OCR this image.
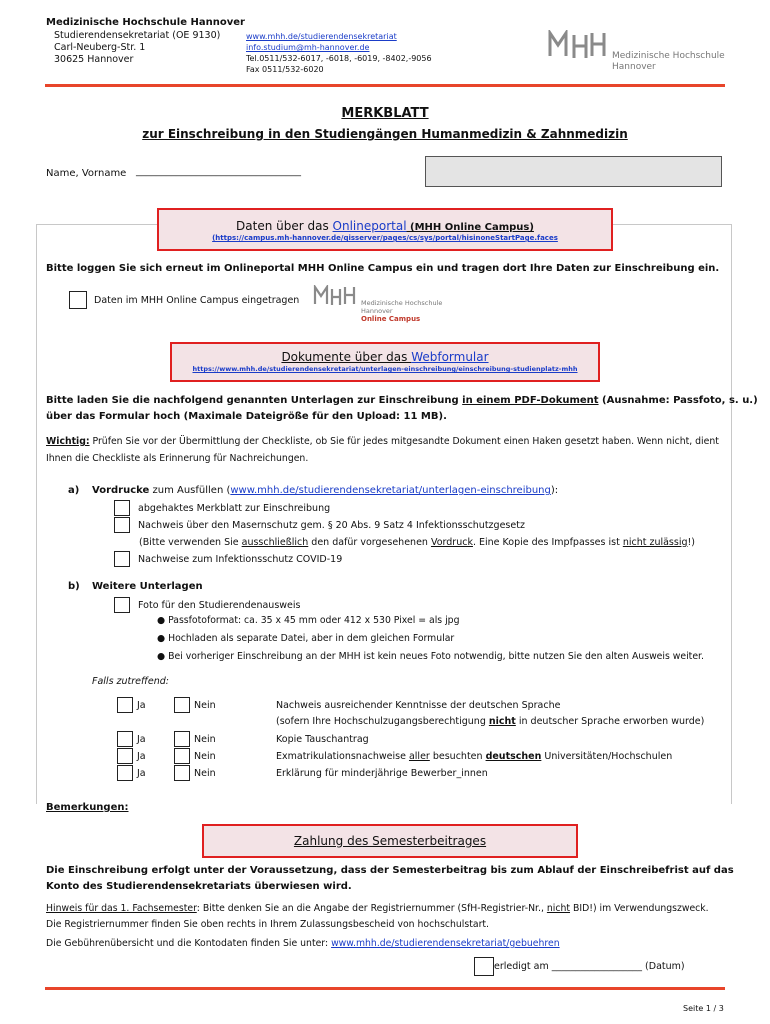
Medizinische Hochschule Hannover
Studierendensekretariat (OE 9130)
Carl-Neuberg-Str. 1
30625 Hannover
www.mhh.de/studierendensekretariat
info.studium@mh-hannover.de
Tel.0511/532-6017, -6018, -6019, -8402,-9056
Fax 0511/532-6020
Medizinische Hochschule Hannover
MERKBLATT
zur Einschreibung in den Studiengängen Humanmedizin & Zahnmedizin
Name, Vorname _________________________________
Daten über das Onlineportal (MHH Online Campus)
(https://campus.mh-hannover.de/qisserver/pages/cs/sys/portal/hisinoneStartPage.faces
Bitte loggen Sie sich erneut im Onlineportal MHH Online Campus ein und tragen dort Ihre Daten zur Einschreibung ein.
Daten im MHH Online Campus eingetragen	Medizinische Hochschule
Hannover
Online Campus
Dokumente über das Webformular
https://www.mhh.de/studierendensekretariat/unterlagen-einschreibung/einschreibung-studienplatz-mhh
Bitte laden Sie die nachfolgend genannten Unterlagen zur Einschreibung in einem PDF-Dokument (Ausnahme: Passfoto, s. u.)
über das Formular hoch (Maximale Dateigröße für den Upload: 11 MB).
Wichtig: Prüfen Sie vor der Übermittlung der Checkliste, ob Sie für jedes mitgesandte Dokument einen Haken gesetzt haben. Wenn nicht, dient
Ihnen die Checkliste als Erinnerung für Nachreichungen.
a) Vordrucke zum Ausfüllen (www.mhh.de/studierendensekretariat/unterlagen-einschreibung):
abgehaktes Merkblatt zur Einschreibung
Nachweis über den Masernschutz gem. § 20 Abs. 9 Satz 4 Infektionsschutzgesetz
(Bitte verwenden Sie ausschließlich den dafür vorgesehenen Vordruck. Eine Kopie des Impfpasses ist nicht zulässig!)
Nachweise zum Infektionsschutz COVID-19
b) Weitere Unterlagen
Foto für den Studierendenausweis
● Passfotoformat: ca. 35 x 45 mm oder 412 x 530 Pixel = als jpg
● Hochladen als separate Datei, aber in dem gleichen Formular
● Bei vorheriger Einschreibung an der MHH ist kein neues Foto notwendig, bitte nutzen Sie den alten Ausweis weiter.
Falls zutreffend:
Ja	Nein	Nachweis ausreichender Kenntnisse der deutschen Sprache
(sofern Ihre Hochschulzugangsberechtigung nicht in deutscher Sprache erworben wurde)
Ja	Nein	Kopie Tauschantrag
Ja	Nein	Exmatrikulationsnachweise aller besuchten deutschen Universitäten/Hochschulen
Ja	Nein	Erklärung für minderjährige Bewerber_innen
Bemerkungen:
Zahlung des Semesterbeitrages
Die Einschreibung erfolgt unter der Voraussetzung, dass der Semesterbeitrag bis zum Ablauf der Einschreibefrist auf das
Konto des Studierendensekretariats überwiesen wird.
Hinweis für das 1. Fachsemester: Bitte denken Sie an die Angabe der Registriernummer (SfH-Registrier-Nr., nicht BID!) im Verwendungszweck.
Die Registriernummer finden Sie oben rechts in Ihrem Zulassungsbescheid von hochschulstart.
Die Gebührenübersicht und die Kontodaten finden Sie unter: www.mhh.de/studierendensekretariat/gebuehren
erledigt am ___________________ (Datum)
Seite 1 / 3
